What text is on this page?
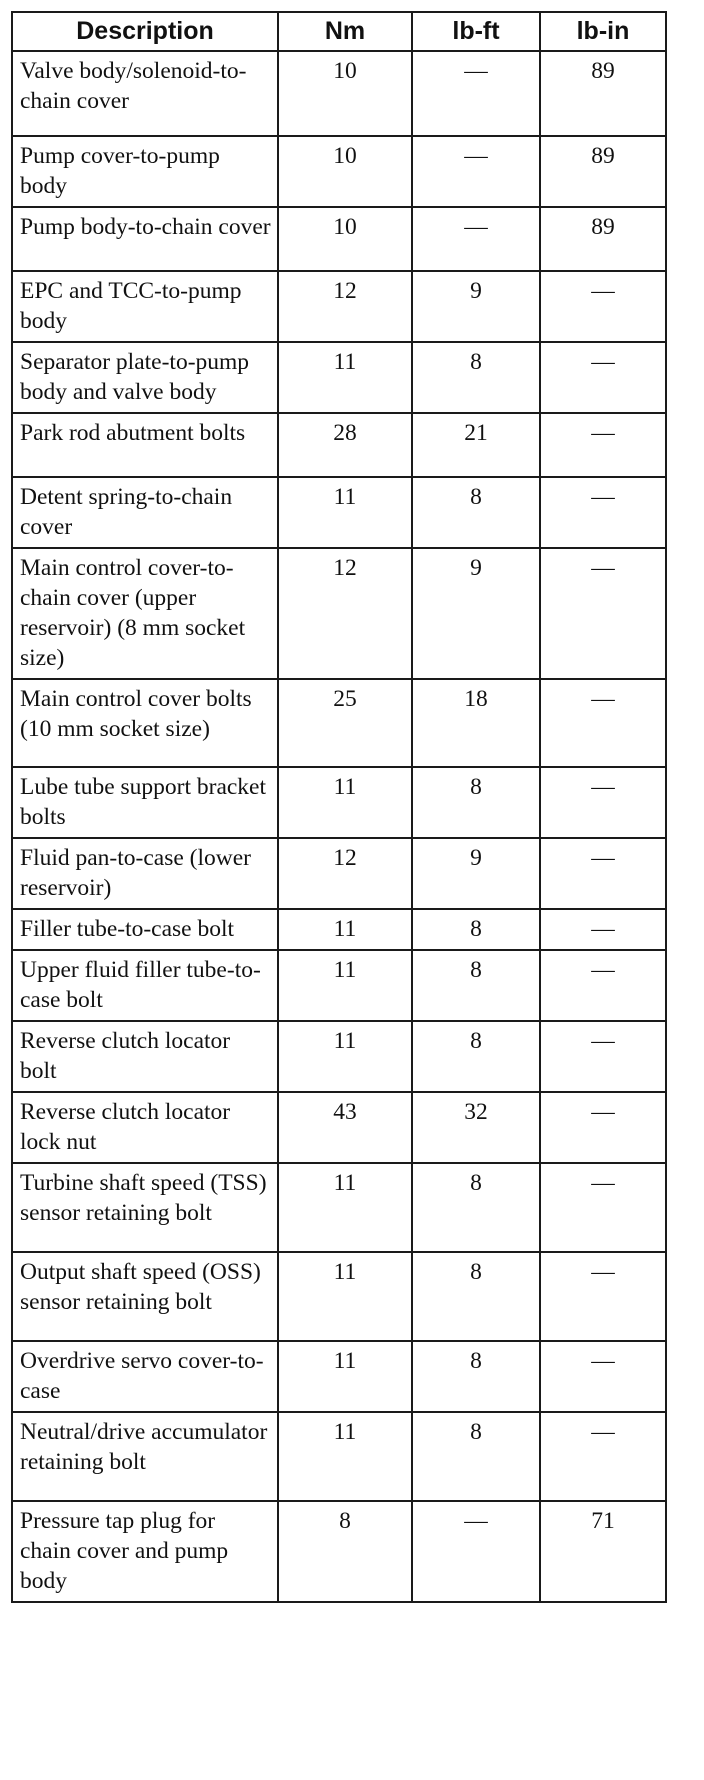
Description	Nm	lb-ft	lb-in
Valve body/solenoid-to-chain cover	10	—	89
Pump cover-to-pump body	10	—	89
Pump body-to-chain cover	10	—	89
EPC and TCC-to-pump body	12	9	—
Separator plate-to-pump body and valve body	11	8	—
Park rod abutment bolts	28	21	—
Detent spring-to-chain cover	11	8	—
Main control cover-to-chain cover (upper reservoir) (8 mm socket size)	12	9	—
Main control cover bolts (10 mm socket size)	25	18	—
Lube tube support bracket bolts	11	8	—
Fluid pan-to-case (lower reservoir)	12	9	—
Filler tube-to-case bolt	11	8	—
Upper fluid filler tube-to-case bolt	11	8	—
Reverse clutch locator bolt	11	8	—
Reverse clutch locator lock nut	43	32	—
Turbine shaft speed (TSS) sensor retaining bolt	11	8	—
Output shaft speed (OSS) sensor retaining bolt	11	8	—
Overdrive servo cover-to-case	11	8	—
Neutral/drive accumulator retaining bolt	11	8	—
Pressure tap plug for chain cover and pump body	8	—	71
